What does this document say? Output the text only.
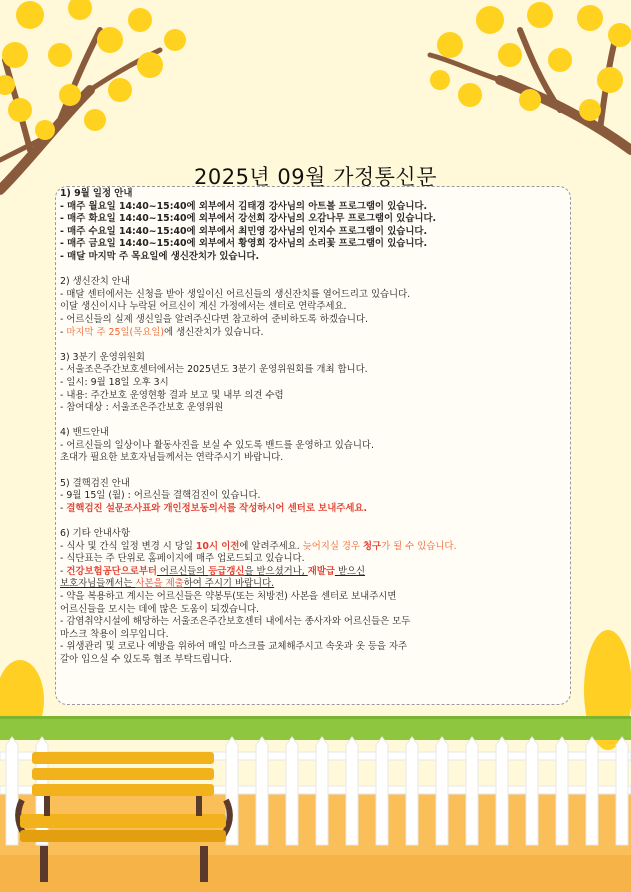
2025년 09월 가정통신문
1) 9월 일정 안내
- 매주 월요일 14:40~15:40에 외부에서 김태경 강사님의 아트볼 프로그램이 있습니다.
- 매주 화요일 14:40~15:40에 외부에서 강선희 강사님의 오감나무 프로그램이 있습니다.
- 매주 수요일 14:40~15:40에 외부에서 최민영 강사님의 인지수 프로그램이 있습니다.
- 매주 금요일 14:40~15:40에 외부에서 황영희 강사님의 소리꽃 프로그램이 있습니다.
- 매달 마지막 주 목요일에 생신잔치가 있습니다.
2) 생신잔치 안내
- 매달 센터에서는 신청을 받아 생일이신 어르신들의 생신잔치를 열어드리고 있습니다.
이달 생신이시나 누락된 어르신이 계신 가정에서는 센터로 연락주세요.
- 어르신들의 실제 생신일을 알려주신다면 참고하여 준비하도록 하겠습니다.
- 마지막 주 25일(목요일)에 생신잔치가 있습니다.
3) 3분기 운영위원회
- 서울조은주간보호센터에서는 2025년도 3분기 운영위원회를 개최 합니다.
- 일시: 9월 18일 오후 3시
- 내용: 주간보호 운영현황 결과 보고 및 내부 의견 수렴
- 참여대상 : 서울조은주간보호 운영위원
4) 밴드안내
- 어르신들의 일상이나 활동사진을 보실 수 있도록 밴드를 운영하고 있습니다.
초대가 필요한 보호자님들께서는 연락주시기 바랍니다.
5) 결핵검진 안내
- 9월 15일 (월) : 어르신들 결핵검진이 있습니다.
- 결핵검진 설문조사표와 개인정보동의서를 작성하시어 센터로 보내주세요.
6) 기타 안내사항
- 식사 및 간식 일정 변경 시 당일 10시 이전에 알려주세요. 늦어지실 경우 청구가 될 수 있습니다.
- 식단표는 주 단위로 홈페이지에 매주 업로드되고 있습니다.
- 건강보험공단으로부터 어르신들의 등급갱신을 받으셨거나, 재발급 받으신
보호자님들께서는 사본을 제출하여 주시기 바랍니다.
- 약을 복용하고 계시는 어르신들은 약봉투(또는 처방전) 사본을 센터로 보내주시면
어르신들을 모시는 데에 많은 도움이 되겠습니다.
- 감염취약시설에 해당하는 서울조은주간보호센터 내에서는 종사자와 어르신들은 모두
마스크 착용이 의무입니다.
- 위생관리 및 코로나 예방을 위하여 매일 마스크를 교체해주시고 속옷과 옷 등을 자주
갈아 입으실 수 있도록 협조 부탁드립니다.
